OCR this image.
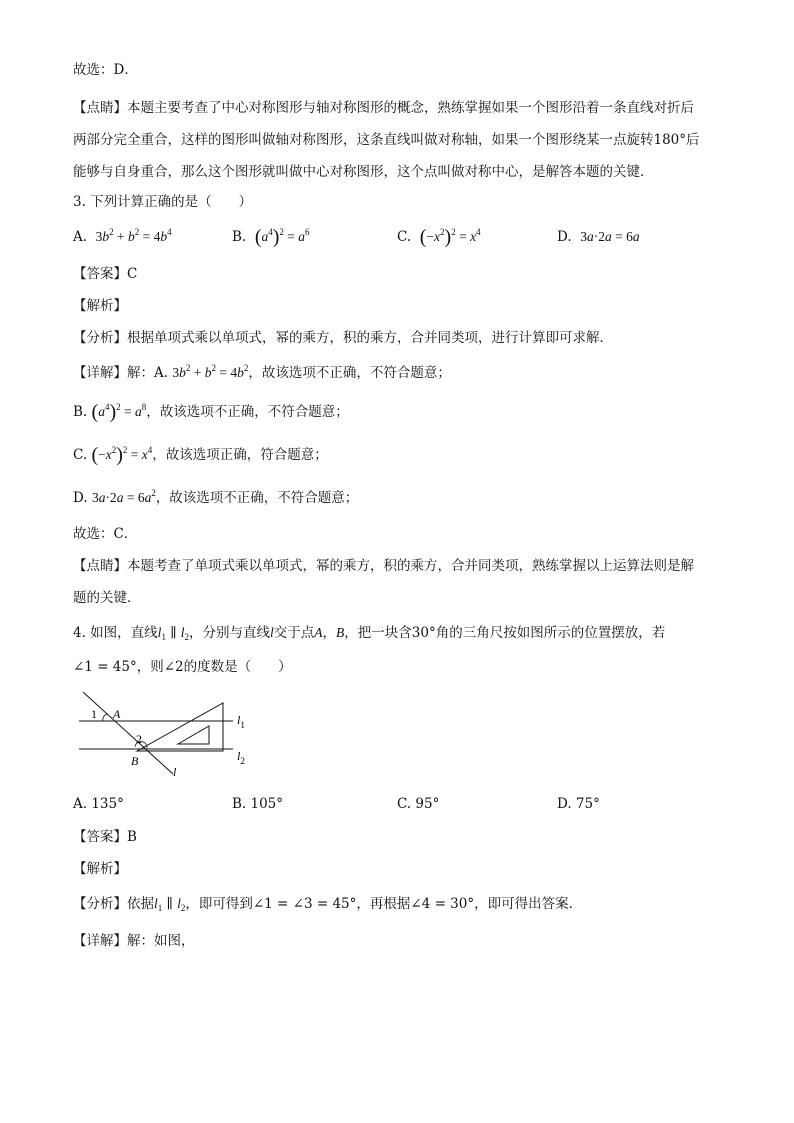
故选：D．
【点睛】本题主要考查了中心对称图形与轴对称图形的概念，熟练掌握如果一个图形沿着一条直线对折后
两部分完全重合，这样的图形叫做轴对称图形，这条直线叫做对称轴，如果一个图形绕某一点旋转180°后
能够与自身重合，那么这个图形就叫做中心对称图形，这个点叫做对称中心，是解答本题的关键．
3. 下列计算正确的是（　　）
A. $3b^2 + b^2 = 4b^4$	B. $(a^4)^2 = a^6$	C. $(-x^2)^2 = x^4$	D. 3a·2a = 6a
【答案】C
【解析】
【分析】根据单项式乘以单项式，幂的乘方，积的乘方，合并同类项，进行计算即可求解．
【详解】解：A. $3b^2 + b^2 = 4b^2$，故该选项不正确，不符合题意；
B. $(a^4)^2 = a^8$，故该选项不正确，不符合题意；
C. $(-x^2)^2 = x^4$，故该选项正确，符合题意；
D. $3a\cdot 2a = 6a^2$，故该选项不正确，不符合题意；
故选：C．
【点睛】本题考查了单项式乘以单项式，幂的乘方，积的乘方，合并同类项，熟练掌握以上运算法则是解
题的关键．
4. 如图，直线$l_1$ ∥ $l_2$，分别与直线l交于点A，B，把一块含30°角的三角尺按如图所示的位置摆放，若
∠1 = 45°，则∠2的度数是（　　）
1 A
2
B
l
$l_1$
$l_2$
A. 135°	B. 105°	C. 95°	D. 75°
【答案】B
【解析】
【分析】依据$l_1$ ∥ $l_2$，即可得到∠1 = ∠3 = 45°，再根据∠4 = 30°，即可得出答案．
【详解】解：如图，
